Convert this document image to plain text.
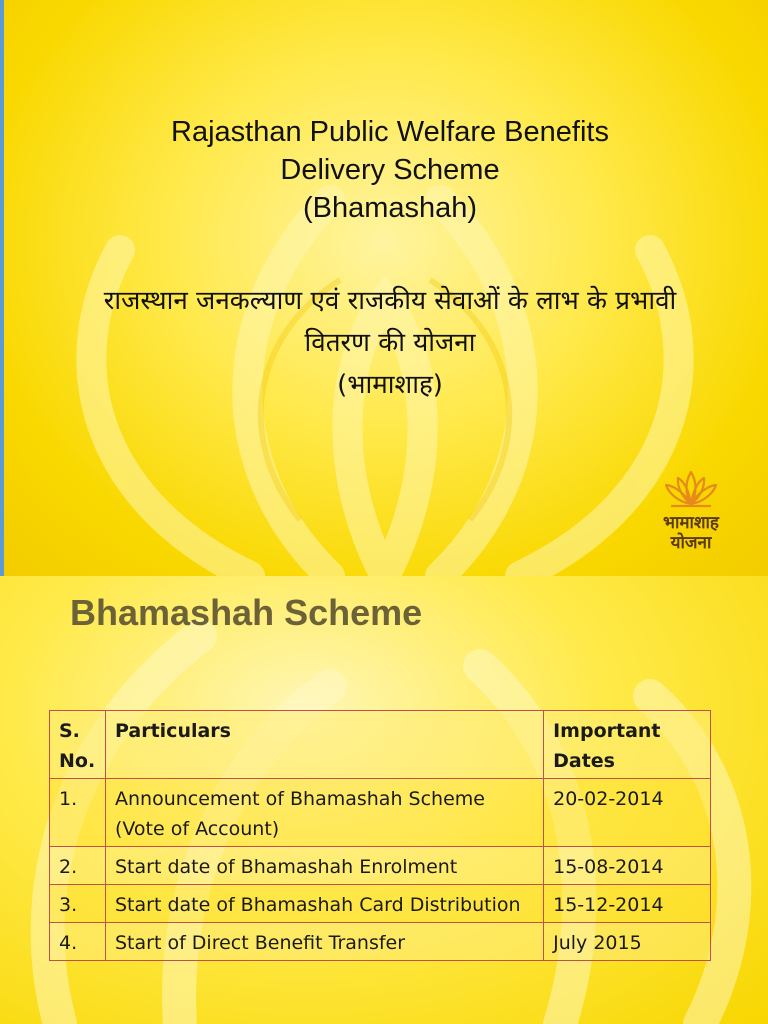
Rajasthan Public Welfare Benefits
Delivery Scheme
(Bhamashah)
राजस्थान जनकल्याण एवं राजकीय सेवाओं के लाभ के प्रभावी
वितरण की योजना
(भामाशाह)
भामाशाह
योजना
Bhamashah Scheme
S. No.	Particulars	Important Dates
1.	Announcement of Bhamashah Scheme (Vote of Account)	20-02-2014
2.	Start date of Bhamashah Enrolment	15-08-2014
3.	Start date of Bhamashah Card Distribution	15-12-2014
4.	Start of Direct Benefit Transfer	July 2015
